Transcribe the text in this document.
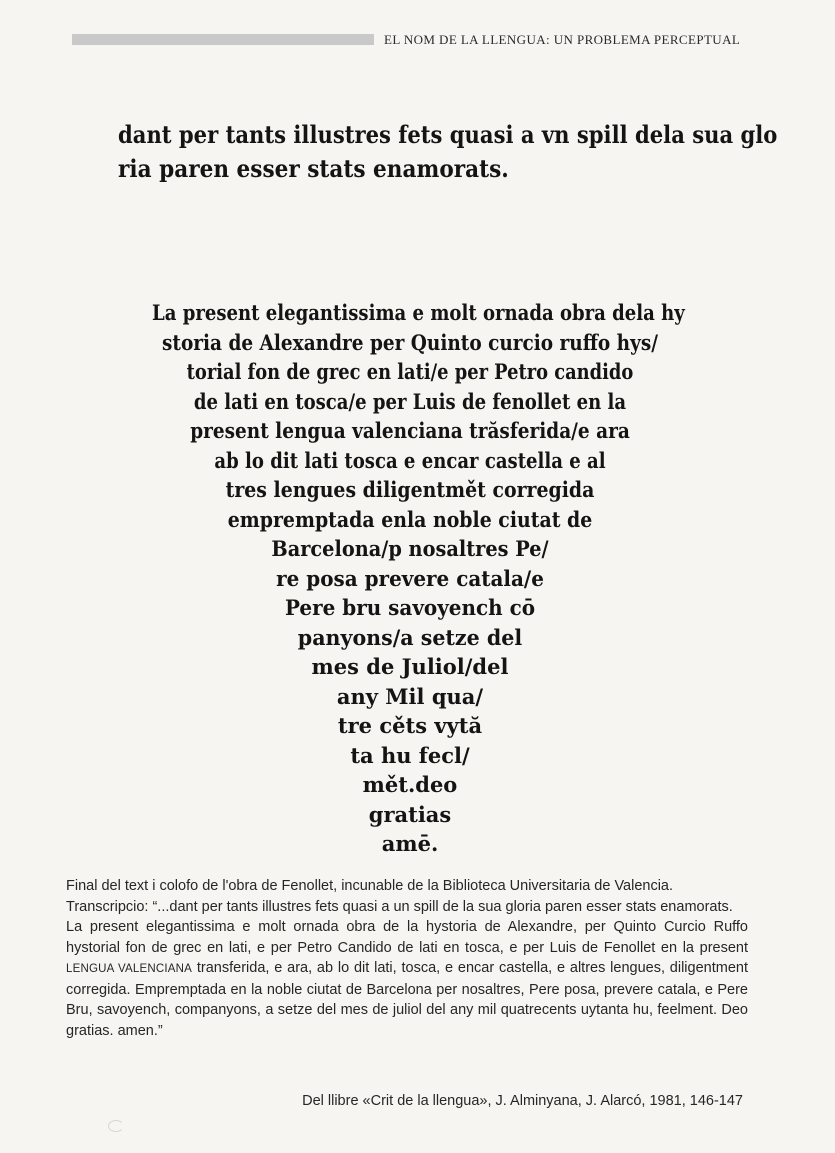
EL NOM DE LA LLENGUA: UN PROBLEMA PERCEPTUAL
dant per tants illustres fets quasi a vn spill dela sua glo
ria paren esser stats enamorats.
La present elegantissima e molt ornada obra dela hy
storia de Alexandre per Quinto curcio ruffo hys/
torial fon de grec en lati/e per Petro candido
de lati en tosca/e per Luis de fenollet en la
present lengua valenciana trăsferida/e ara
ab lo dit lati tosca e encar castella e al
tres lengues diligentmět corregida
empremptada enla noble ciutat de
Barcelona/p nosaltres Pe/
re posa prevere catala/e
Pere bru savoyench cō
panyons/a setze del
mes de Juliol/del
any Mil qua/
tre cěts vytă
ta hu fecl/
mět.deo
gratias
amē.

Final del text i colofo de l'obra de Fenollet, incunable de la Biblioteca Universitaria de Valencia.

Transcripcio: “...dant per tants illustres fets quasi a un spill de la sua gloria paren esser stats enamorats.

La present elegantissima e molt ornada obra de la hystoria de Alexandre, per Quinto Curcio Ruffo hystorial fon de grec en lati, e per Petro Candido de lati en tosca, e per Luis de Fenollet en la present LENGUA VALENCIANA transferida, e ara, ab lo dit lati, tosca, e encar castella, e altres lengues, diligentment corregida. Empremptada en la noble ciutat de Barcelona per nosaltres, Pere posa, prevere catala, e Pere Bru, savoyench, companyons, a setze del mes de juliol del any mil quatrecents uytanta hu, feelment. Deo gratias. amen.”

Del llibre «Crit de la llengua», J. Alminyana, J. Alarcó, 1981, 146-147
